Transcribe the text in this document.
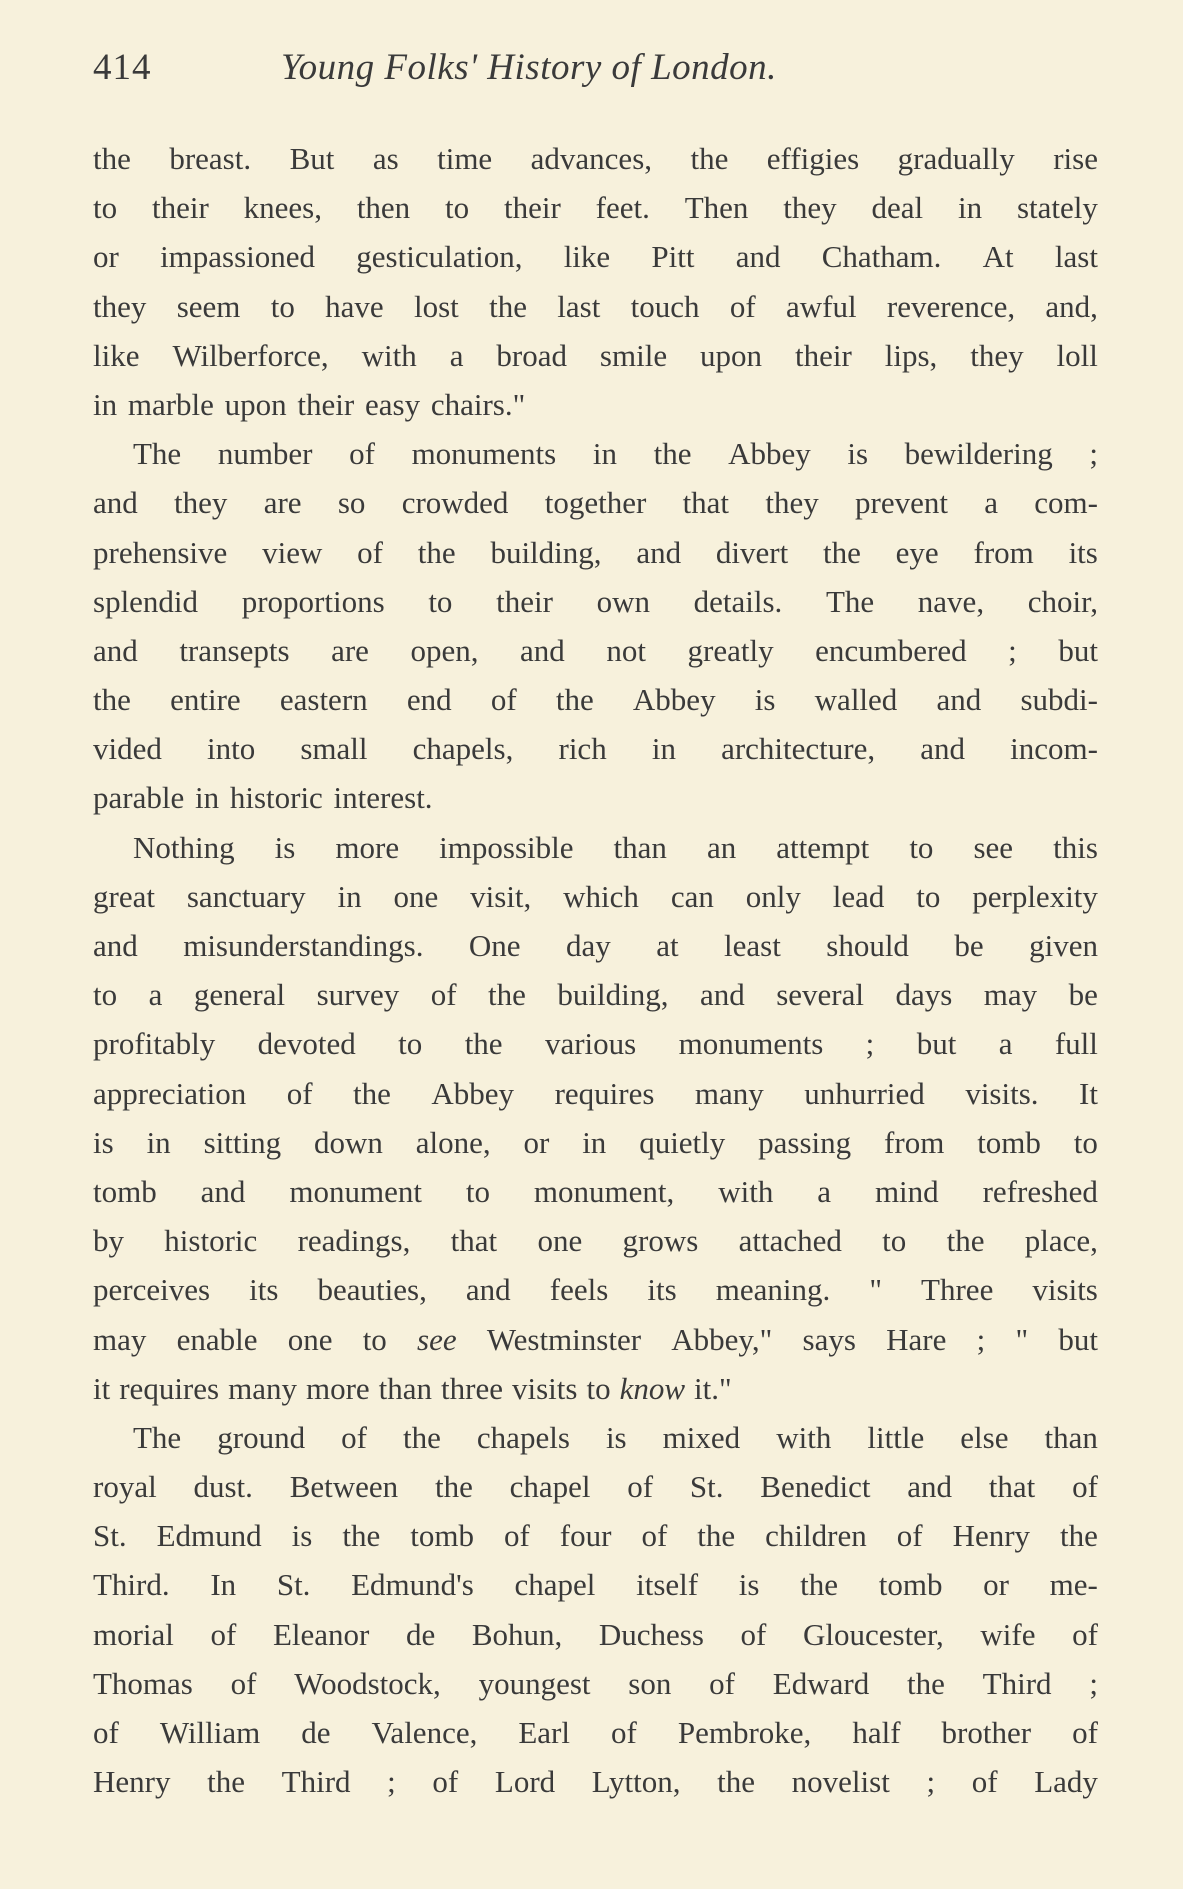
414	Young Folks' History of London.
the breast. But as time advances, the effigies gradually rise
to their knees, then to their feet. Then they deal in stately
or impassioned gesticulation, like Pitt and Chatham. At last
they seem to have lost the last touch of awful reverence, and,
like Wilberforce, with a broad smile upon their lips, they loll
in marble upon their easy chairs."
The number of monuments in the Abbey is bewildering ;
and they are so crowded together that they prevent a com-
prehensive view of the building, and divert the eye from its
splendid proportions to their own details. The nave, choir,
and transepts are open, and not greatly encumbered ; but
the entire eastern end of the Abbey is walled and subdi-
vided into small chapels, rich in architecture, and incom-
parable in historic interest.
Nothing is more impossible than an attempt to see this
great sanctuary in one visit, which can only lead to perplexity
and misunderstandings. One day at least should be given
to a general survey of the building, and several days may be
profitably devoted to the various monuments ; but a full
appreciation of the Abbey requires many unhurried visits. It
is in sitting down alone, or in quietly passing from tomb to
tomb and monument to monument, with a mind refreshed
by historic readings, that one grows attached to the place,
perceives its beauties, and feels its meaning. " Three visits
may enable one to see Westminster Abbey," says Hare ; " but
it requires many more than three visits to know it."
The ground of the chapels is mixed with little else than
royal dust. Between the chapel of St. Benedict and that of
St. Edmund is the tomb of four of the children of Henry the
Third. In St. Edmund's chapel itself is the tomb or me-
morial of Eleanor de Bohun, Duchess of Gloucester, wife of
Thomas of Woodstock, youngest son of Edward the Third ;
of William de Valence, Earl of Pembroke, half brother of
Henry the Third ; of Lord Lytton, the novelist ; of Lady
